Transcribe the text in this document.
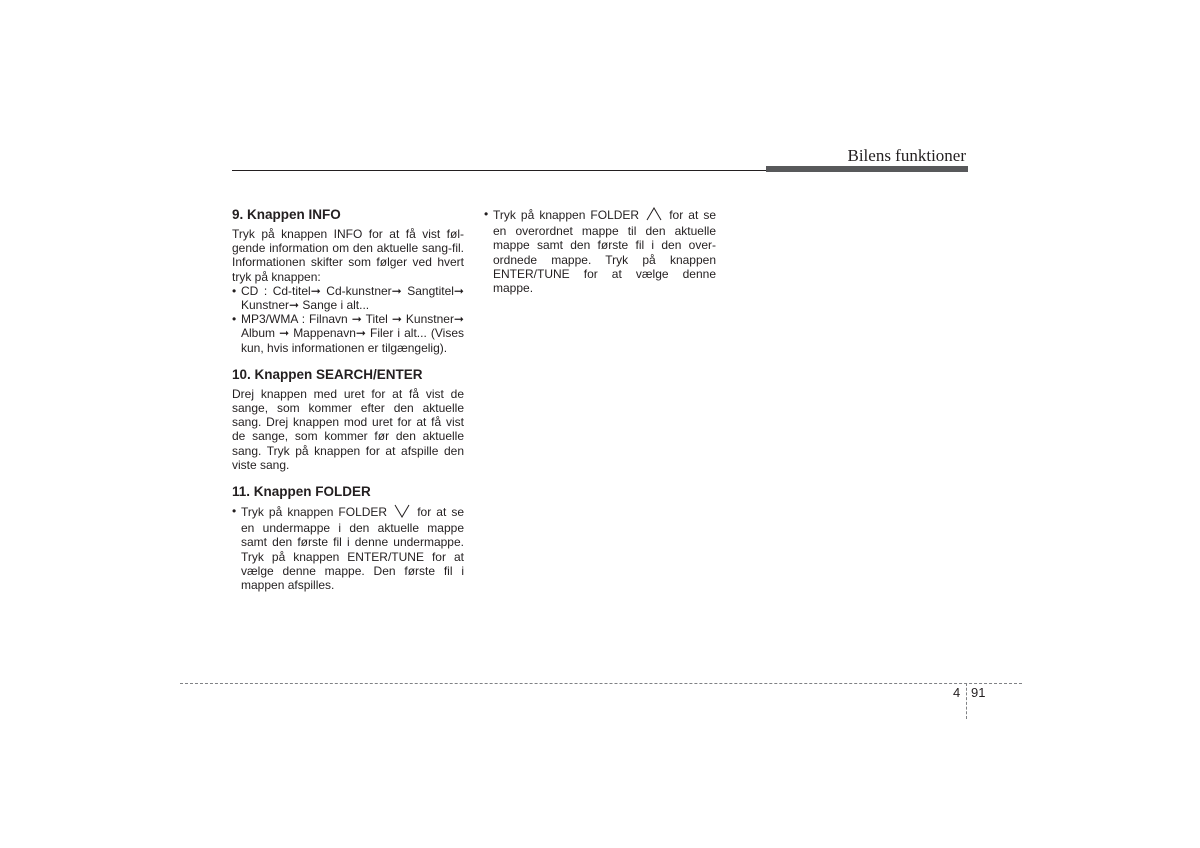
Bilens funktioner
9. Knappen INFO

Tryk på knappen INFO for at få vist føl-gende information om den aktuelle sang-fil. Informationen skifter som følger ved hvert tryk på knappen:

• CD : Cd-titel➞ Cd-kunstner➞ Sangtitel➞ Kunstner➞ Sange i alt...

• MP3/WMA : Filnavn ➞ Titel ➞ Kunstner➞ Album ➞ Mappenavn➞ Filer i alt... (Vises kun, hvis informationen er tilgængelig).

10. Knappen SEARCH/ENTER

Drej knappen med uret for at få vist de sange, som kommer efter den aktuelle sang. Drej knappen mod uret for at få vist de sange, som kommer før den aktuelle sang. Tryk på knappen for at afspille den viste sang.

11. Knappen FOLDER

• Tryk på knappen FOLDER	for at se en undermappe i den aktuelle mappe samt den første fil i denne undermappe. Tryk på knappen ENTER/TUNE for at vælge denne mappe. Den første fil i mappen afspilles.

• Tryk på knappen FOLDER	for at se en overordnet mappe til den aktuelle mappe samt den første fil i den over-ordnede mappe. Tryk på knappen ENTER/TUNE for at vælge denne mappe.

4 91
